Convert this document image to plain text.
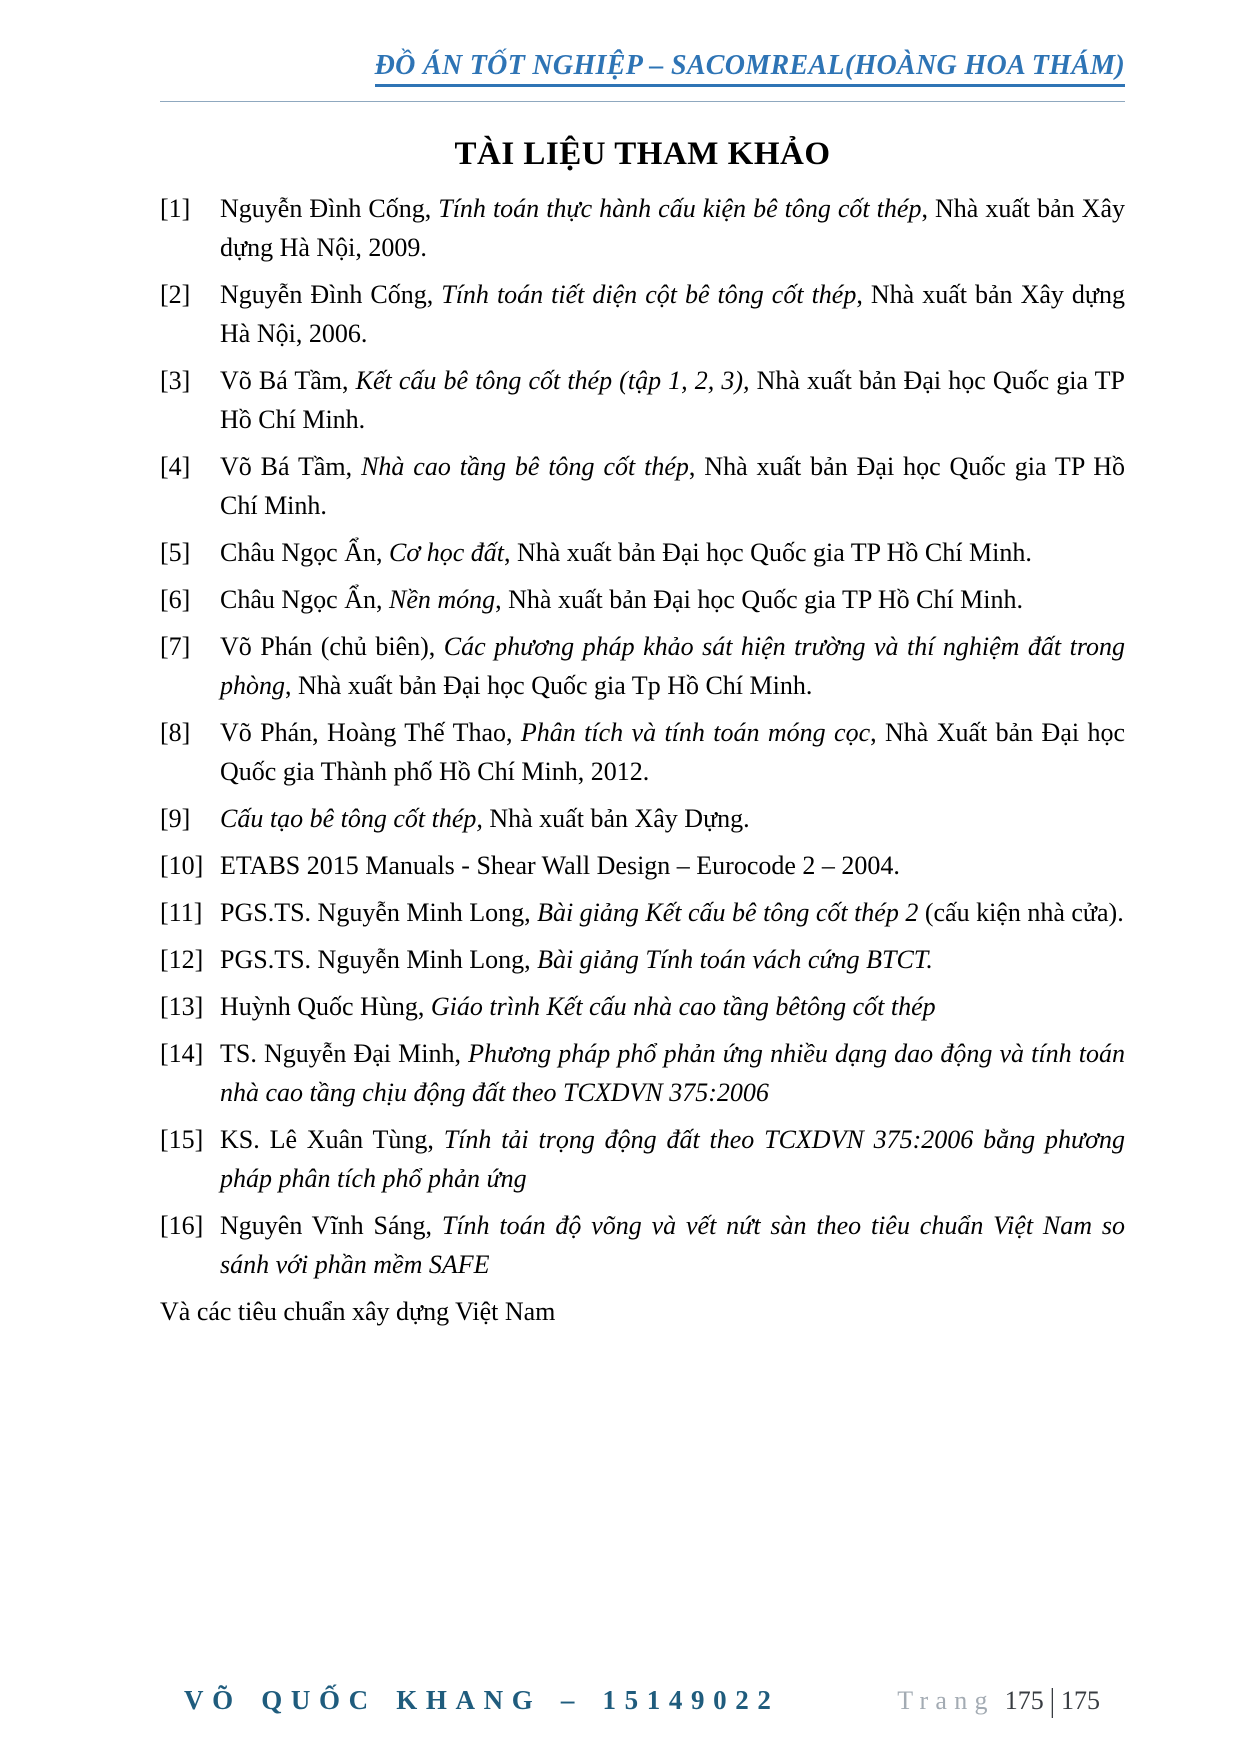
ĐỒ ÁN TỐT NGHIỆP – SACOMREAL(HOÀNG HOA THÁM)
TÀI LIỆU THAM KHẢO
[1]	Nguyễn Đình Cống, Tính toán thực hành cấu kiện bê tông cốt thép, Nhà xuất bản Xây dựng Hà Nội, 2009.

[2]	Nguyễn Đình Cống, Tính toán tiết diện cột bê tông cốt thép, Nhà xuất bản Xây dựng Hà Nội, 2006.

[3]	Võ Bá Tầm, Kết cấu bê tông cốt thép (tập 1, 2, 3), Nhà xuất bản Đại học Quốc gia TP Hồ Chí Minh.

[4]	Võ Bá Tầm, Nhà cao tầng bê tông cốt thép, Nhà xuất bản Đại học Quốc gia TP Hồ Chí Minh.

[5]	Châu Ngọc Ẩn, Cơ học đất, Nhà xuất bản Đại học Quốc gia TP Hồ Chí Minh.

[6]	Châu Ngọc Ẩn, Nền móng, Nhà xuất bản Đại học Quốc gia TP Hồ Chí Minh.

[7]	Võ Phán (chủ biên), Các phương pháp khảo sát hiện trường và thí nghiệm đất trong phòng, Nhà xuất bản Đại học Quốc gia Tp Hồ Chí Minh.

[8]	Võ Phán, Hoàng Thế Thao, Phân tích và tính toán móng cọc, Nhà Xuất bản Đại học Quốc gia Thành phố Hồ Chí Minh, 2012.

[9]	Cấu tạo bê tông cốt thép, Nhà xuất bản Xây Dựng.

[10] ETABS 2015 Manuals - Shear Wall Design – Eurocode 2 – 2004.

[11] PGS.TS. Nguyễn Minh Long, Bài giảng Kết cấu bê tông cốt thép 2 (cấu kiện nhà cửa).

[12] PGS.TS. Nguyễn Minh Long, Bài giảng Tính toán vách cứng BTCT.

[13] Huỳnh Quốc Hùng, Giáo trình Kết cấu nhà cao tầng bêtông cốt thép

[14] TS. Nguyễn Đại Minh, Phương pháp phổ phản ứng nhiều dạng dao động và tính toán nhà cao tầng chịu động đất theo TCXDVN 375:2006

[15] KS. Lê Xuân Tùng, Tính tải trọng động đất theo TCXDVN 375:2006 bằng phương pháp phân tích phổ phản ứng

[16] Nguyên Vĩnh Sáng, Tính toán độ võng và vết nứt sàn theo tiêu chuẩn Việt Nam so sánh với phần mềm SAFE

Và các tiêu chuẩn xây dựng Việt Nam

VÕ QUỐC KHANG – 15149022	Trang 175 | 175
